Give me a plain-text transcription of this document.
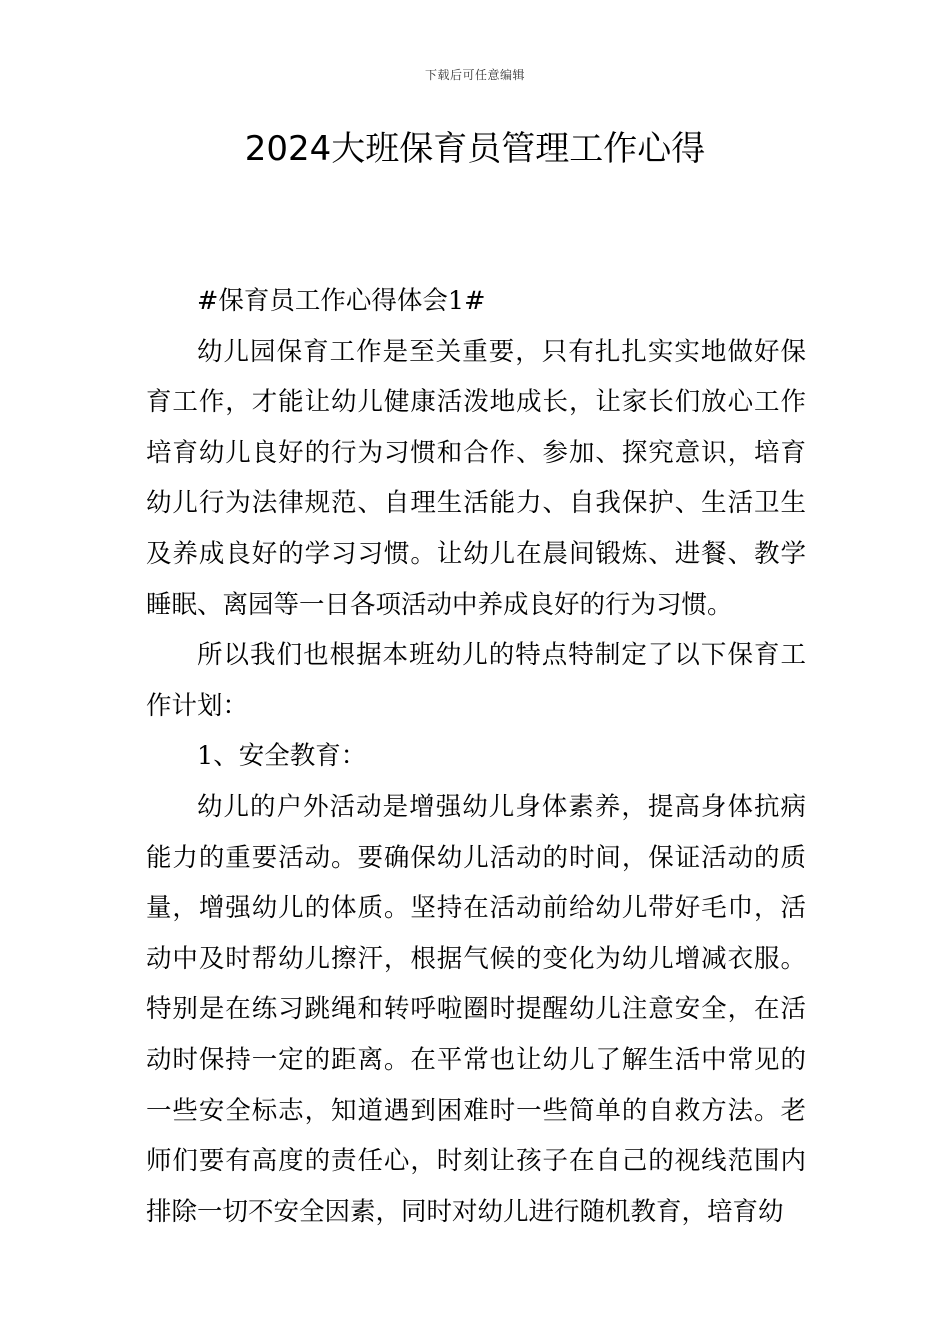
下载后可任意编辑
2024大班保育员管理工作心得

#保育员工作心得体会1#

幼儿园保育工作是至关重要，只有扎扎实实地做好保育工作，才能让幼儿健康活泼地成长，让家长们放心工作培育幼儿良好的行为习惯和合作、参加、探究意识，培育幼儿行为法律规范、自理生活能力、自我保护、生活卫生及养成良好的学习习惯。让幼儿在晨间锻炼、进餐、教学睡眠、离园等一日各项活动中养成良好的行为习惯。

所以我们也根据本班幼儿的特点特制定了以下保育工作计划：

1、安全教育：

幼儿的户外活动是增强幼儿身体素养，提高身体抗病能力的重要活动。要确保幼儿活动的时间，保证活动的质量，增强幼儿的体质。坚持在活动前给幼儿带好毛巾，活动中及时帮幼儿擦汗，根据气候的变化为幼儿增减衣服。特别是在练习跳绳和转呼啦圈时提醒幼儿注意安全，在活动时保持一定的距离。在平常也让幼儿了解生活中常见的一些安全标志，知道遇到困难时一些简单的自救方法。老师们要有高度的责任心，时刻让孩子在自己的视线范围内排除一切不安全因素，同时对幼儿进行随机教育，培育幼
